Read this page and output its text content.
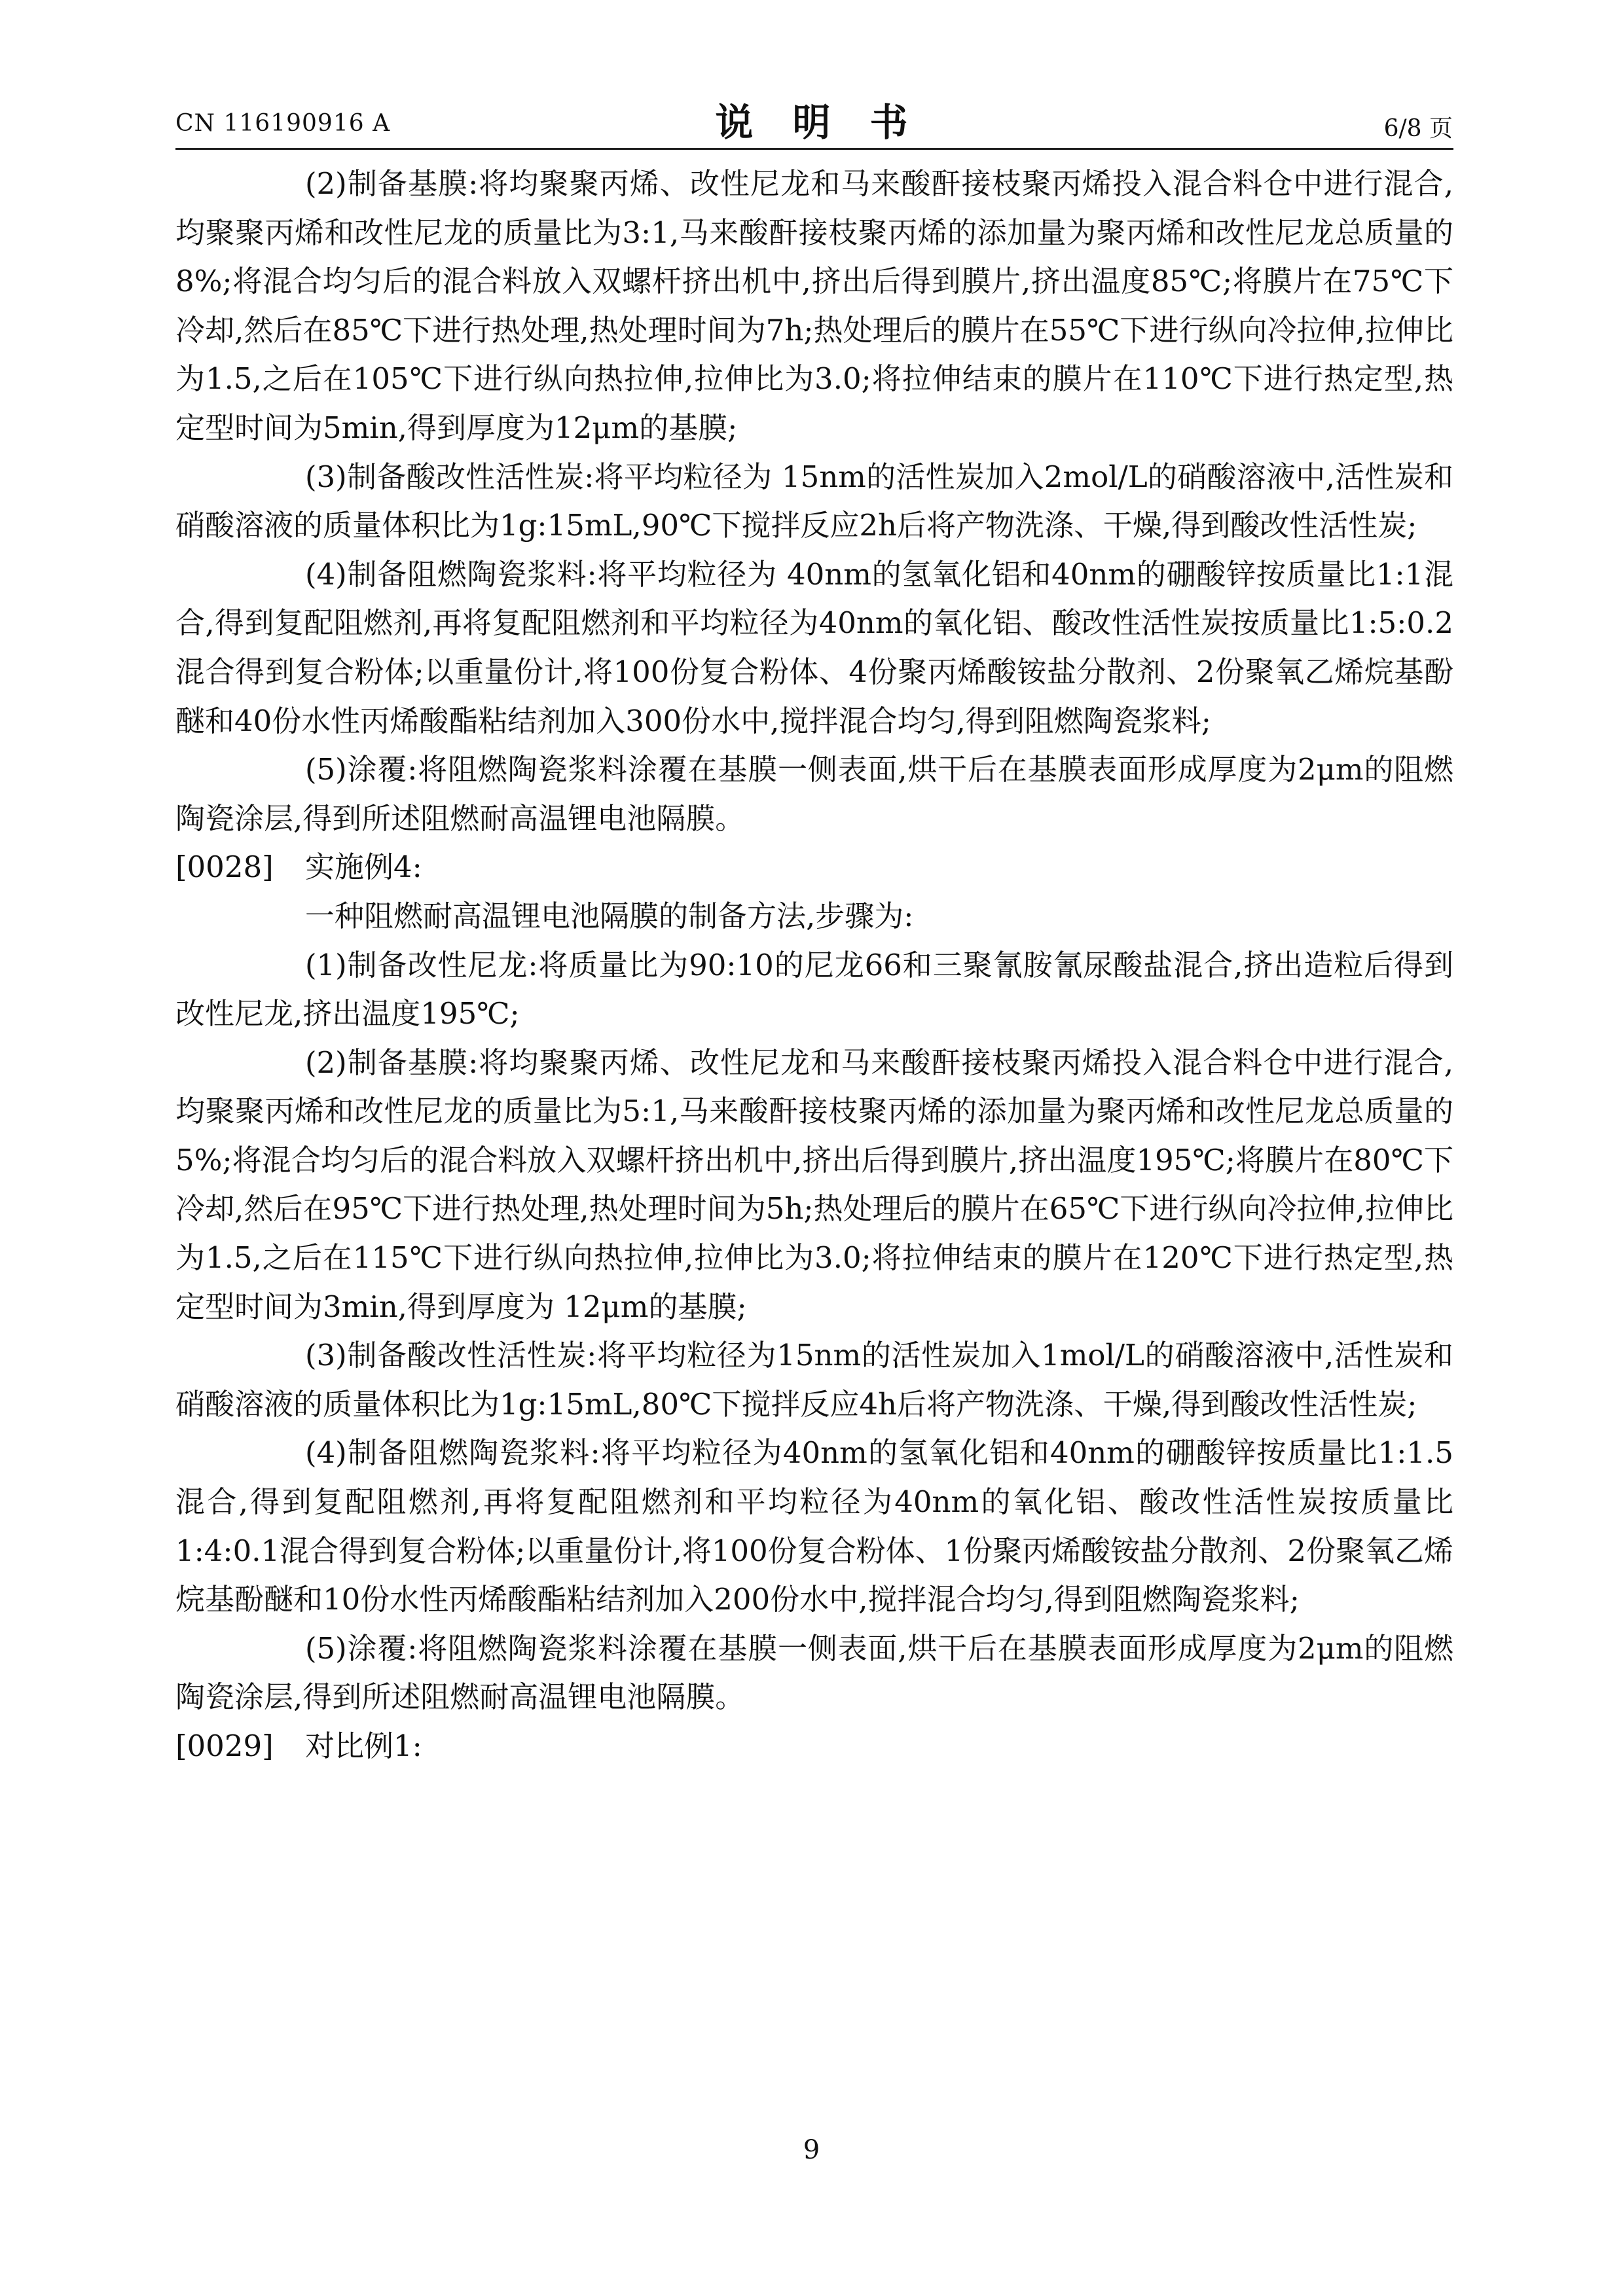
CN 116190916 A	说明书	6/8 页

(2)制备基膜:将均聚聚丙烯、改性尼龙和马来酸酐接枝聚丙烯投入混合料仓中进行混合,均聚聚丙烯和改性尼龙的质量比为3:1,马来酸酐接枝聚丙烯的添加量为聚丙烯和改性尼龙总质量的8%;将混合均匀后的混合料放入双螺杆挤出机中,挤出后得到膜片,挤出温度85℃;将膜片在75℃下冷却,然后在85℃下进行热处理,热处理时间为7h;热处理后的膜片在55℃下进行纵向冷拉伸,拉伸比为1.5,之后在105℃下进行纵向热拉伸,拉伸比为3.0;将拉伸结束的膜片在110℃下进行热定型,热定型时间为5min,得到厚度为12μm的基膜;

(3)制备酸改性活性炭:将平均粒径为 15nm的活性炭加入2mol/L的硝酸溶液中,活性炭和硝酸溶液的质量体积比为1g:15mL,90℃下搅拌反应2h后将产物洗涤、干燥,得到酸改性活性炭;

(4)制备阻燃陶瓷浆料:将平均粒径为 40nm的氢氧化铝和40nm的硼酸锌按质量比1:1混合,得到复配阻燃剂,再将复配阻燃剂和平均粒径为40nm的氧化铝、酸改性活性炭按质量比1:5:0.2混合得到复合粉体;以重量份计,将100份复合粉体、4份聚丙烯酸铵盐分散剂、2份聚氧乙烯烷基酚醚和40份水性丙烯酸酯粘结剂加入300份水中,搅拌混合均匀,得到阻燃陶瓷浆料;

(5)涂覆:将阻燃陶瓷浆料涂覆在基膜一侧表面,烘干后在基膜表面形成厚度为2μm的阻燃陶瓷涂层,得到所述阻燃耐高温锂电池隔膜。

[0028]	实施例4:

一种阻燃耐高温锂电池隔膜的制备方法,步骤为:

(1)制备改性尼龙:将质量比为90:10的尼龙66和三聚氰胺氰尿酸盐混合,挤出造粒后得到改性尼龙,挤出温度195℃;

(2)制备基膜:将均聚聚丙烯、改性尼龙和马来酸酐接枝聚丙烯投入混合料仓中进行混合,均聚聚丙烯和改性尼龙的质量比为5:1,马来酸酐接枝聚丙烯的添加量为聚丙烯和改性尼龙总质量的5%;将混合均匀后的混合料放入双螺杆挤出机中,挤出后得到膜片,挤出温度195℃;将膜片在80℃下冷却,然后在95℃下进行热处理,热处理时间为5h;热处理后的膜片在65℃下进行纵向冷拉伸,拉伸比为1.5,之后在115℃下进行纵向热拉伸,拉伸比为3.0;将拉伸结束的膜片在120℃下进行热定型,热定型时间为3min,得到厚度为 12μm的基膜;

(3)制备酸改性活性炭:将平均粒径为15nm的活性炭加入1mol/L的硝酸溶液中,活性炭和硝酸溶液的质量体积比为1g:15mL,80℃下搅拌反应4h后将产物洗涤、干燥,得到酸改性活性炭;

(4)制备阻燃陶瓷浆料:将平均粒径为40nm的氢氧化铝和40nm的硼酸锌按质量比1:1.5混合,得到复配阻燃剂,再将复配阻燃剂和平均粒径为40nm的氧化铝、酸改性活性炭按质量比1:4:0.1混合得到复合粉体;以重量份计,将100份复合粉体、1份聚丙烯酸铵盐分散剂、2份聚氧乙烯烷基酚醚和10份水性丙烯酸酯粘结剂加入200份水中,搅拌混合均匀,得到阻燃陶瓷浆料;

(5)涂覆:将阻燃陶瓷浆料涂覆在基膜一侧表面,烘干后在基膜表面形成厚度为2μm的阻燃陶瓷涂层,得到所述阻燃耐高温锂电池隔膜。

[0029]	对比例1:
9
